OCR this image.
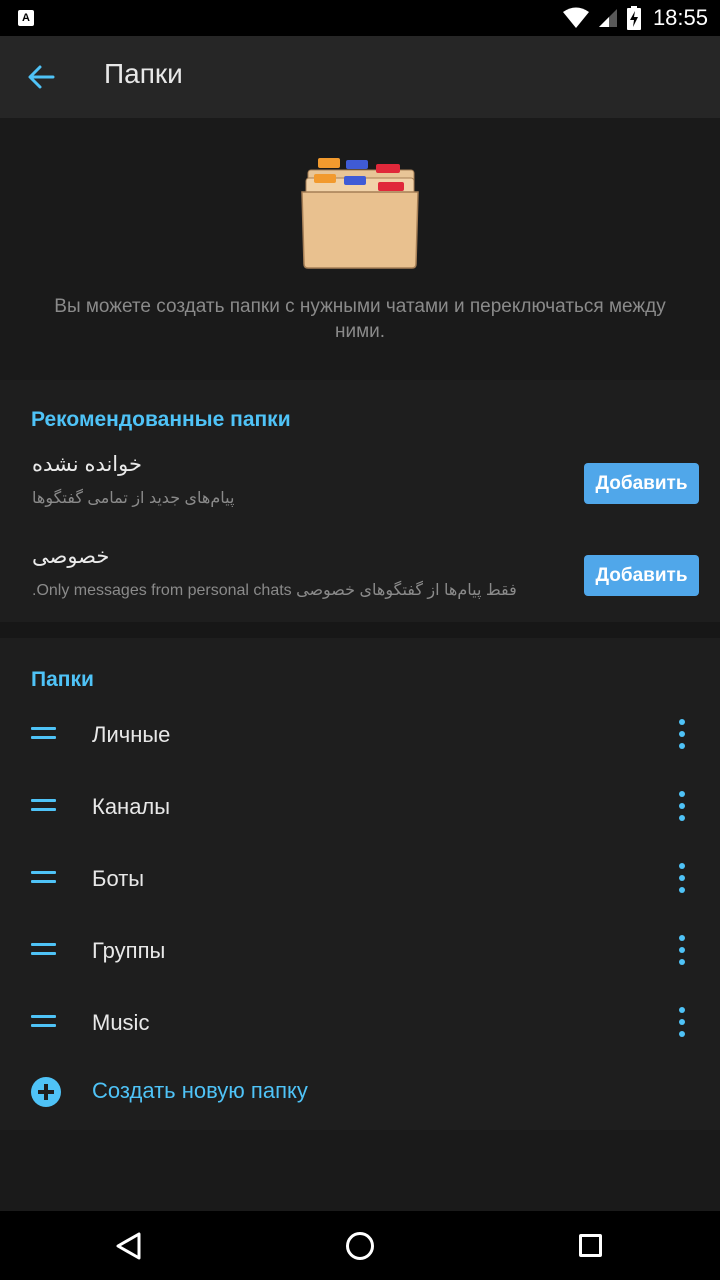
A	18:55
Папки
Вы можете создать папки с нужными чатами и переключаться между ними.
Рекомендованные папки
خوانده نشده
پیام‌های جدید از تمامی گفتگوها
Добавить
خصوصی
.Only messages from personal chats فقط پیام‌ها از گفتگوهای خصوصی
Добавить
Папки
Личные
Каналы
Боты
Группы
Music
Создать новую папку
